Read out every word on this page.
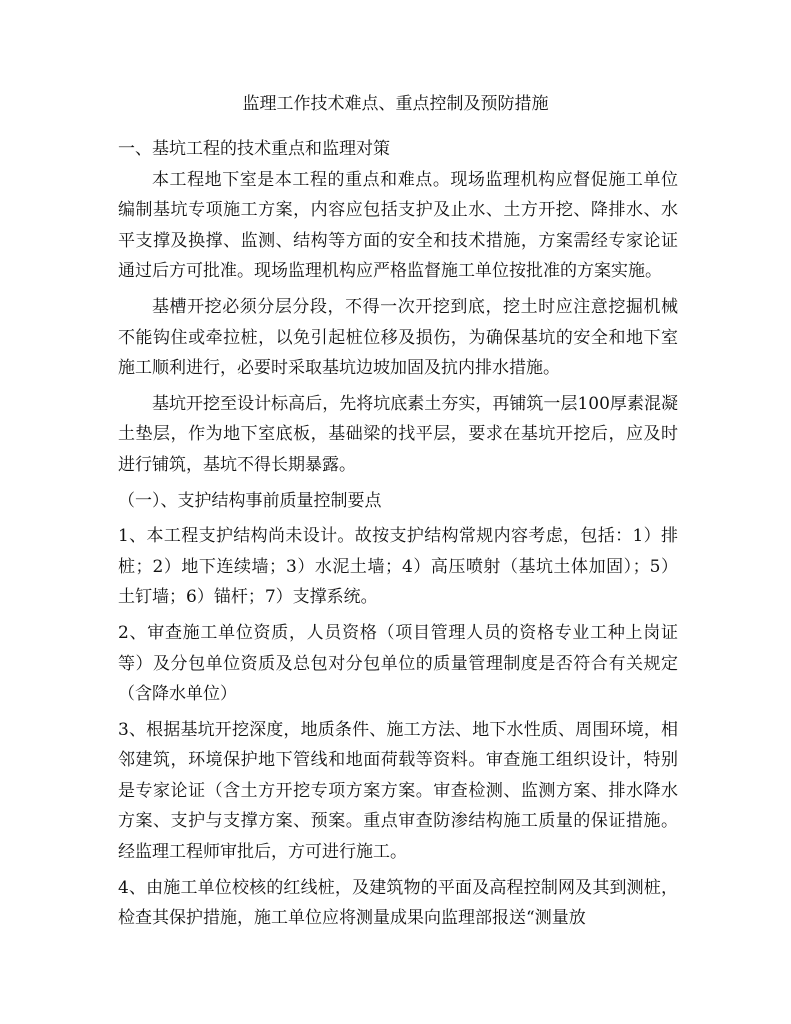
监理工作技术难点、重点控制及预防措施

一、基坑工程的技术重点和监理对策

本工程地下室是本工程的重点和难点。现场监理机构应督促施工单位编制基坑专项施工方案，内容应包括支护及止水、土方开挖、降排水、水平支撑及换撑、监测、结构等方面的安全和技术措施，方案需经专家论证通过后方可批准。现场监理机构应严格监督施工单位按批准的方案实施。

基槽开挖必须分层分段，不得一次开挖到底，挖土时应注意挖掘机械不能钩住或牵拉桩，以免引起桩位移及损伤，为确保基坑的安全和地下室施工顺利进行，必要时采取基坑边坡加固及抗内排水措施。

基坑开挖至设计标高后，先将坑底素土夯实，再铺筑一层100厚素混凝土垫层，作为地下室底板，基础梁的找平层，要求在基坑开挖后，应及时进行铺筑，基坑不得长期暴露。

（一）、支护结构事前质量控制要点

1、本工程支护结构尚未设计。故按支护结构常规内容考虑，包括：1）排桩；2）地下连续墙；3）水泥土墙；4）高压喷射（基坑土体加固）；5）土钉墙；6）锚杆；7）支撑系统。

2、审查施工单位资质，人员资格（项目管理人员的资格专业工种上岗证等）及分包单位资质及总包对分包单位的质量管理制度是否符合有关规定（含降水单位）

3、根据基坑开挖深度，地质条件、施工方法、地下水性质、周围环境，相邻建筑，环境保护地下管线和地面荷载等资料。审查施工组织设计，特别是专家论证（含土方开挖专项方案方案。审查检测、监测方案、排水降水方案、支护与支撑方案、预案。重点审查防渗结构施工质量的保证措施。经监理工程师审批后，方可进行施工。

4、由施工单位校核的红线桩，及建筑物的平面及高程控制网及其到测桩，检查其保护措施，施工单位应将测量成果向监理部报送“测量放
